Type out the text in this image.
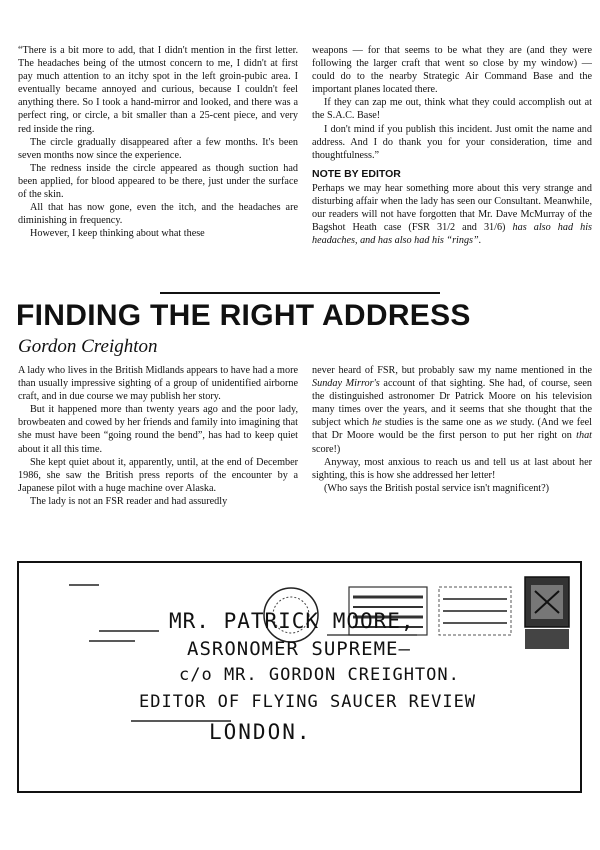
“There is a bit more to add, that I didn't mention in the first letter. The headaches being of the utmost concern to me, I didn't at first pay much attention to an itchy spot in the left groin-pubic area. I eventually became annoyed and curious, because I couldn't feel anything there. So I took a hand-mirror and looked, and there was a perfect ring, or circle, a bit smaller than a 25-cent piece, and very red inside the ring.

The circle gradually disappeared after a few months. It's been seven months now since the experience.

The redness inside the circle appeared as though suction had been applied, for blood appeared to be there, just under the surface of the skin.

All that has now gone, even the itch, and the headaches are diminishing in frequency.

However, I keep thinking about what these

weapons — for that seems to be what they are (and they were following the larger craft that went so close by my window) — could do to the nearby Strategic Air Command Base and the important planes located there.

If they can zap me out, think what they could accomplish out at the S.A.C. Base!

I don't mind if you publish this incident. Just omit the name and address. And I do thank you for your consideration, time and thoughtfulness.”

NOTE BY EDITOR

Perhaps we may hear something more about this very strange and disturbing affair when the lady has seen our Consultant. Meanwhile, our readers will not have forgotten that Mr. Dave McMurray of the Bagshot Heath case (FSR 31/2 and 31/6) has also had his headaches, and has also had his “rings”.

FINDING THE RIGHT ADDRESS
Gordon Creighton

A lady who lives in the British Midlands appears to have had a more than usually impressive sighting of a group of unidentified airborne craft, and in due course we may publish her story.

But it happened more than twenty years ago and the poor lady, browbeaten and cowed by her friends and family into imagining that she must have been “going round the bend”, has had to keep quiet about it all this time.

She kept quiet about it, apparently, until, at the end of December 1986, she saw the British press reports of the encounter by a Japanese pilot with a huge machine over Alaska.

The lady is not an FSR reader and had assuredly

never heard of FSR, but probably saw my name mentioned in the Sunday Mirror's account of that sighting. She had, of course, seen the distinguished astronomer Dr Patrick Moore on his television many times over the years, and it seems that she thought that the subject which he studies is the same one as we study. (And we feel that Dr Moore would be the first person to put her right on that score!)

Anyway, most anxious to reach us and tell us at last about her sighting, this is how she addressed her letter!

(Who says the British postal service isn't magnificent?)

MR. PATRICK MOORE,
ASRONOMER SUPREME—
c/o MR. GORDON CREIGHTON.
EDITOR OF FLYING SAUCER REVIEW
LONDON.
